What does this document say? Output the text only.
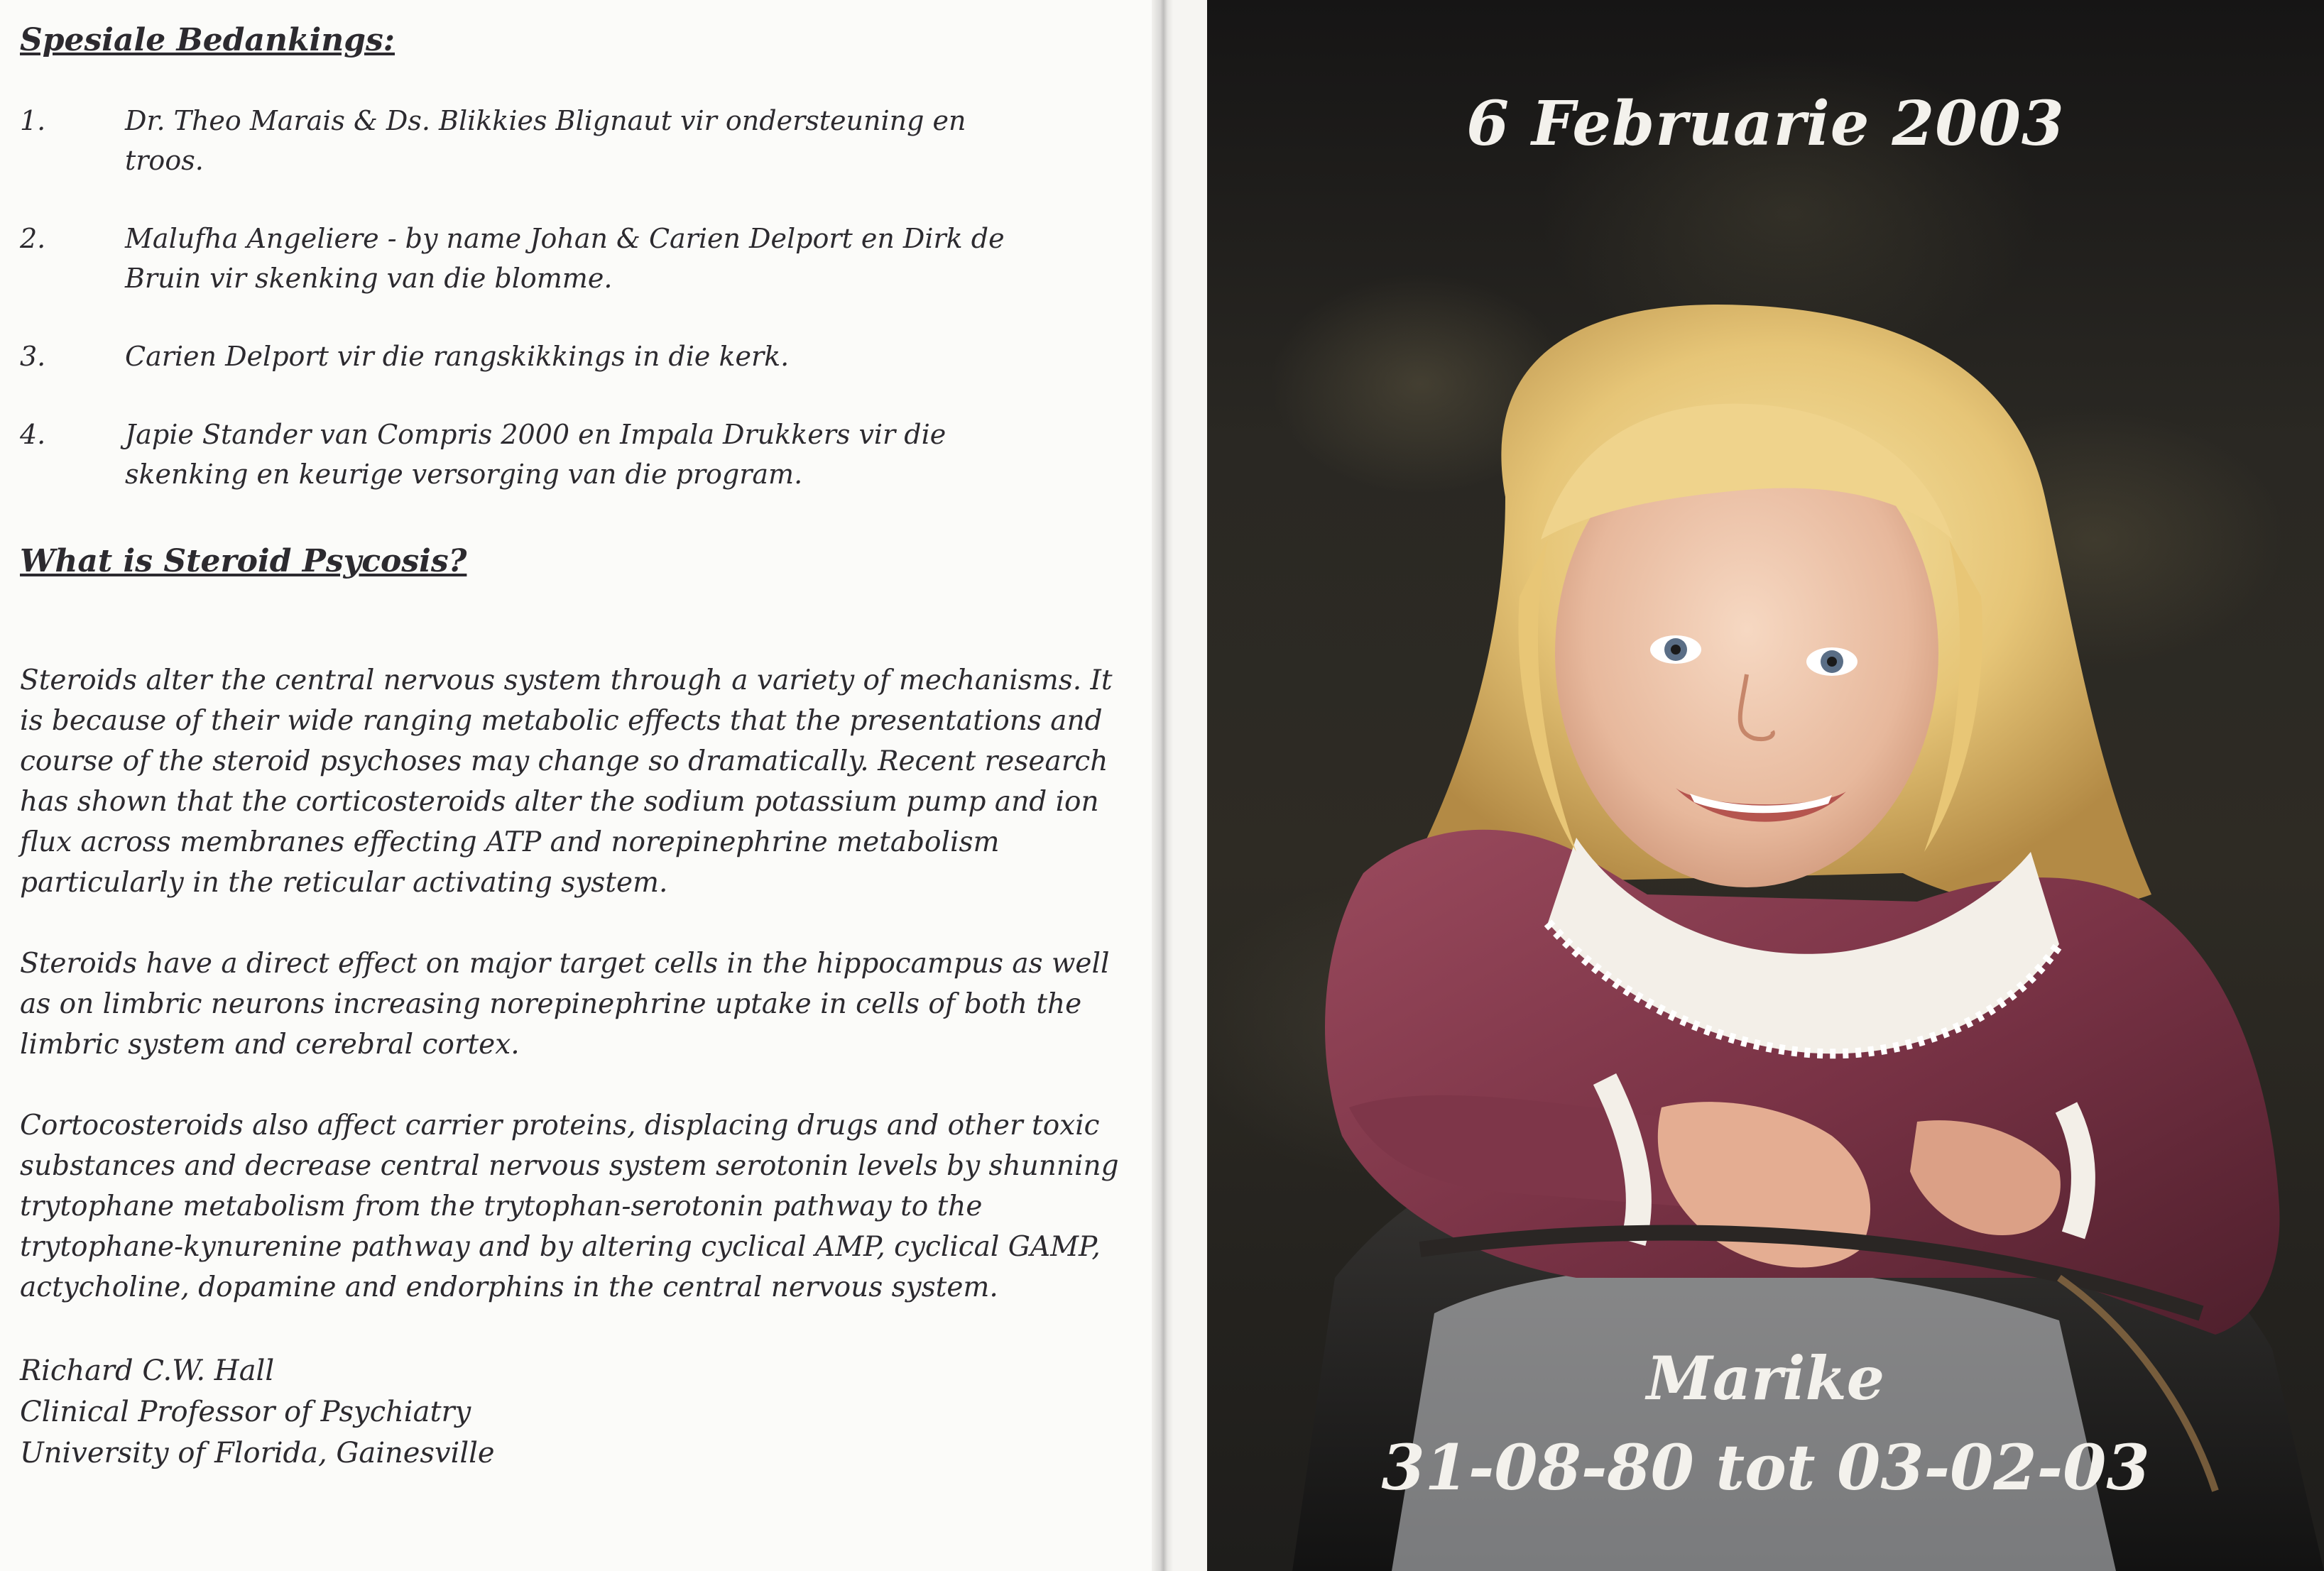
Spesiale Bedankings:
1.	Dr. Theo Marais & Ds. Blikkies Blignaut vir ondersteuning en troos.
2.	Malufha Angeliere - by name Johan & Carien Delport en Dirk de Bruin vir skenking van die blomme.
3.	Carien Delport vir die rangskikkings in die kerk.
4.	Japie Stander van Compris 2000 en Impala Drukkers vir die skenking en keurige versorging van die program.
What is Steroid Psycosis?

Steroids alter the central nervous system through a variety of mechanisms. It is because of their wide ranging metabolic effects that the presentations and course of the steroid psychoses may change so dramatically. Recent research has shown that the corticosteroids alter the sodium potassium pump and ion flux across membranes effecting ATP and norepinephrine metabolism particularly in the reticular activating system.

Steroids have a direct effect on major target cells in the hippocampus as well as on limbric neurons increasing norepinephrine uptake in cells of both the limbric system and cerebral cortex.

Cortocosteroids also affect carrier proteins, displacing drugs and other toxic substances and decrease central nervous system serotonin levels by shunning trytophane metabolism from the trytophan-serotonin pathway to the trytophane-kynurenine pathway and by altering cyclical AMP, cyclical GAMP, actycholine, dopamine and endorphins in the central nervous system.

Richard C.W. Hall
Clinical Professor of Psychiatry
University of Florida, Gainesville
6 Februarie 2003
Marike
31-08-80 tot 03-02-03
